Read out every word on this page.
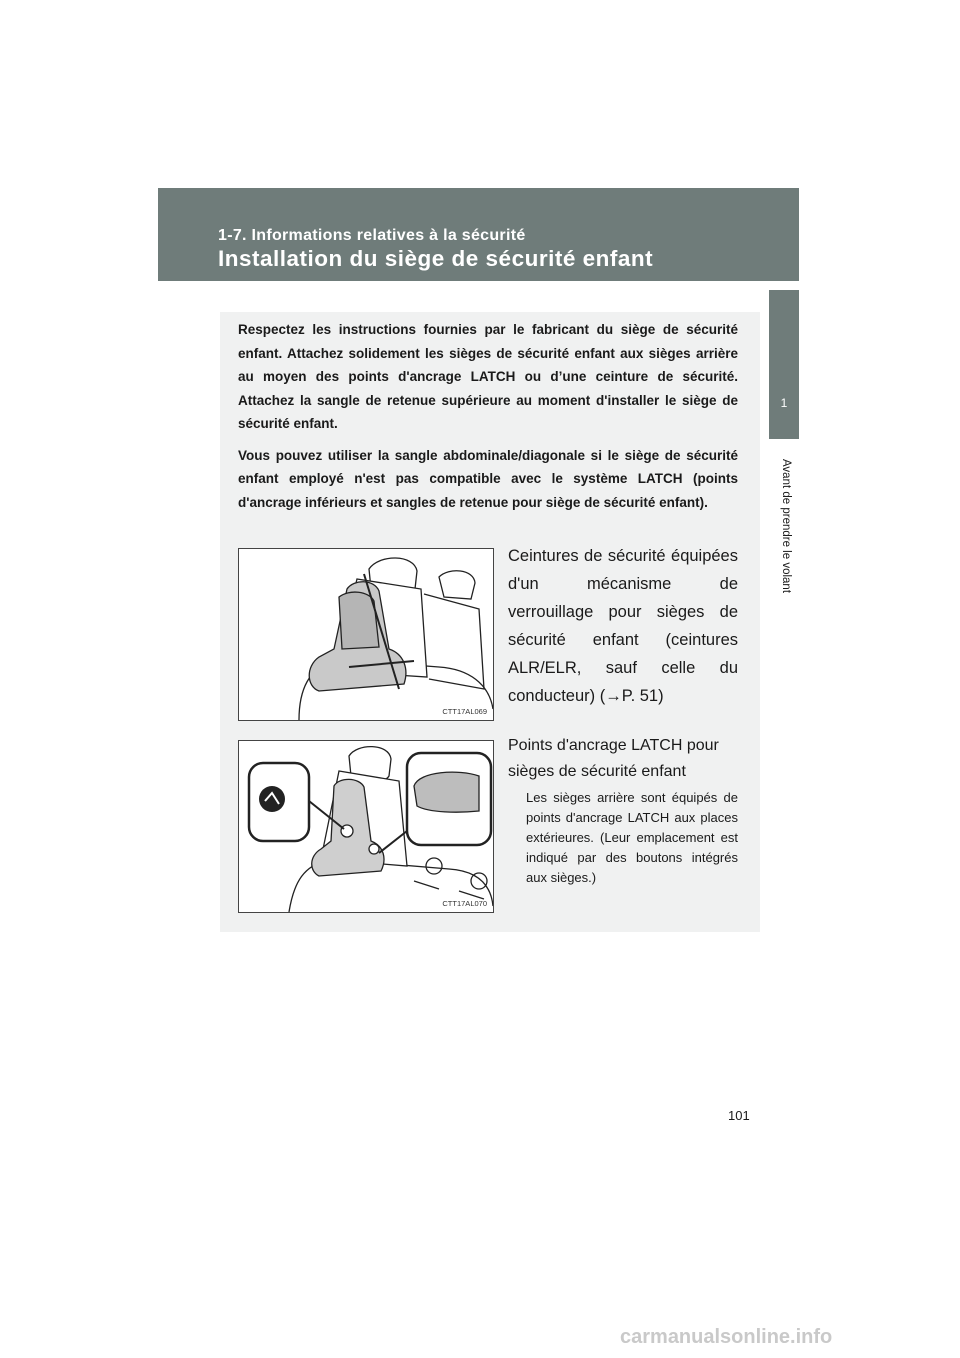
1-7. Informations relatives à la sécurité
Installation du siège de sécurité enfant
1
Avant de prendre le volant

Respectez les instructions fournies par le fabricant du siège de sécurité enfant. Attachez solidement les sièges de sécurité enfant aux sièges arrière au moyen des points d'ancrage LATCH ou d’une ceinture de sécurité. Attachez la sangle de retenue supérieure au moment d'installer le siège de sécurité enfant.

Vous pouvez utiliser la sangle abdominale/diagonale si le siège de sécurité enfant employé n'est pas compatible avec le système LATCH (points d'ancrage inférieurs et sangles de retenue pour siège de sécurité enfant).

CTT17AL069
Ceintures de sécurité équipées d'un mécanisme de verrouillage pour sièges de sécurité enfant (ceintures ALR/ELR, sauf celle du conducteur) (→P. 51)
CTT17AL070
Points d'ancrage LATCH pour sièges de sécurité enfant
Les sièges arrière sont équipés de points d'ancrage LATCH aux places extérieures. (Leur emplacement est indiqué par des boutons intégrés aux sièges.)
101
carmanualsonline.info
